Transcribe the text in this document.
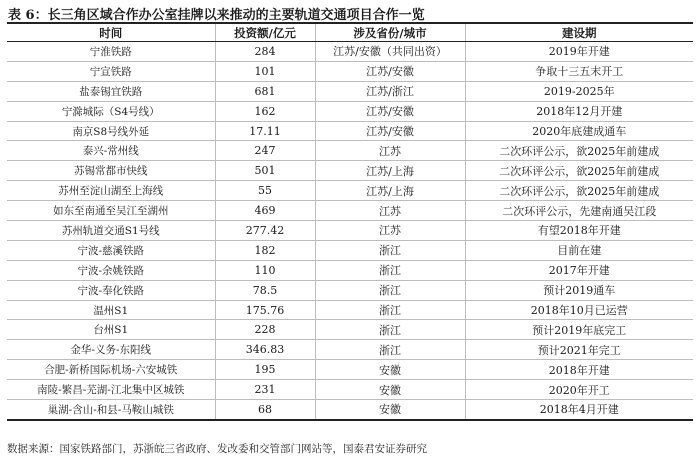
表 6：长三角区域合作办公室挂牌以来推动的主要轨道交通项目合作一览
时间	投资额/亿元	涉及省份/城市	建设期
宁淮铁路	284	江苏/安徽（共同出资）	2019年开建
宁宣铁路	101	江苏/安徽	争取十三五末开工
盐泰锡宜铁路	681	江苏/浙江	2019-2025年
宁滁城际（S4号线）	162	江苏/安徽	2018年12月开建
南京S8号线外延	17.11	江苏/安徽	2020年底建成通车
泰兴-常州线	247	江苏	二次环评公示，欲2025年前建成
苏锡常都市快线	501	江苏/上海	二次环评公示，欲2025年前建成
苏州至淀山湖至上海线	55	江苏/上海	二次环评公示，欲2025年前建成
如东至南通至吴江至湖州	469	江苏	二次环评公示，先建南通吴江段
苏州轨道交通S1号线	277.42	江苏	有望2018年开建
宁波-慈溪铁路	182	浙江	目前在建
宁波-余姚铁路	110	浙江	2017年开建
宁波-奉化铁路	78.5	浙江	预计2019通车
温州S1	175.76	浙江	2018年10月已运营
台州S1	228	浙江	预计2019年底完工
金华-义务-东阳线	346.83	浙江	预计2021年完工
合肥-新桥国际机场-六安城铁	195	安徽	2018年开建
南陵-繁昌-芜湖-江北集中区城铁	231	安徽	2020年开工
巢湖-含山-和县-马鞍山城铁	68	安徽	2018年4月开建
数据来源：国家铁路部门，苏浙皖三省政府、发改委和交管部门网站等，国泰君安证券研究
